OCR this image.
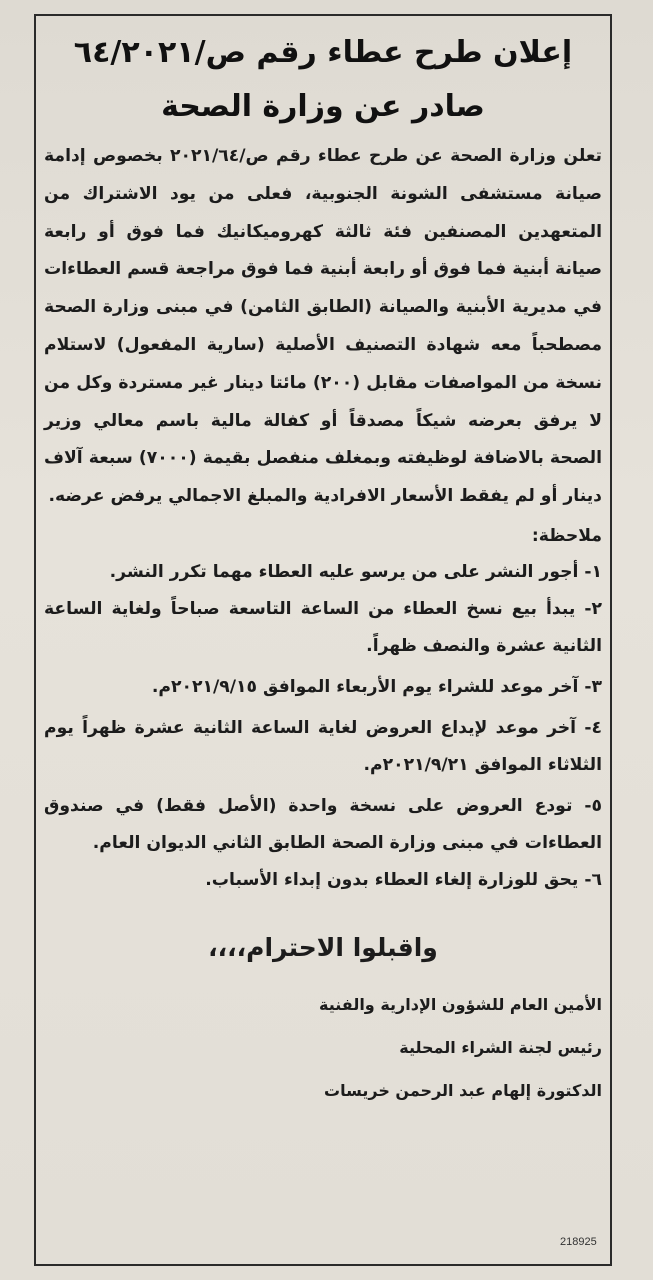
إعلان طرح عطاء رقم ص/٦٤/٢٠٢١
صادر عن وزارة الصحة

تعلن وزارة الصحة عن طرح عطاء رقم ص/٢٠٢١/٦٤ بخصوص إدامة صيانة مستشفى الشونة الجنوبية، فعلى من يود الاشتراك من المتعهدين المصنفين فئة ثالثة كهروميكانيك فما فوق أو رابعة صيانة أبنية فما فوق أو رابعة أبنية فما فوق مراجعة قسم العطاءات في مديرية الأبنية والصيانة (الطابق الثامن) في مبنى وزارة الصحة مصطحباً معه شهادة التصنيف الأصلية (سارية المفعول) لاستلام نسخة من المواصفات مقابل (٢٠٠) مائتا دينار غير مستردة وكل من لا يرفق بعرضه شيكاً مصدقاً أو كفالة مالية باسم معالي وزير الصحة بالاضافة لوظيفته وبمغلف منفصل بقيمة (٧٠٠٠) سبعة آلاف دينار أو لم يفقط الأسعار الافرادية والمبلغ الاجمالي يرفض عرضه.

ملاحظة:

١- أجور النشر على من يرسو عليه العطاء مهما تكرر النشر.

٢- يبدأ بيع نسخ العطاء من الساعة التاسعة صباحاً ولغاية الساعة الثانية عشرة والنصف ظهراً.

٣- آخر موعد للشراء يوم الأربعاء الموافق ٢٠٢١/٩/١٥م.

٤- آخر موعد لإيداع العروض لغاية الساعة الثانية عشرة ظهراً يوم الثلاثاء الموافق ٢٠٢١/٩/٢١م.

٥- تودع العروض على نسخة واحدة (الأصل فقط) في صندوق العطاءات في مبنى وزارة الصحة الطابق الثاني الديوان العام.

٦- يحق للوزارة إلغاء العطاء بدون إبداء الأسباب.

واقبلوا الاحترام،،،،

الأمين العام للشؤون الإدارية والفنية

رئيس لجنة الشراء المحلية

الدكتورة إلهام عبد الرحمن خريسات

218925
